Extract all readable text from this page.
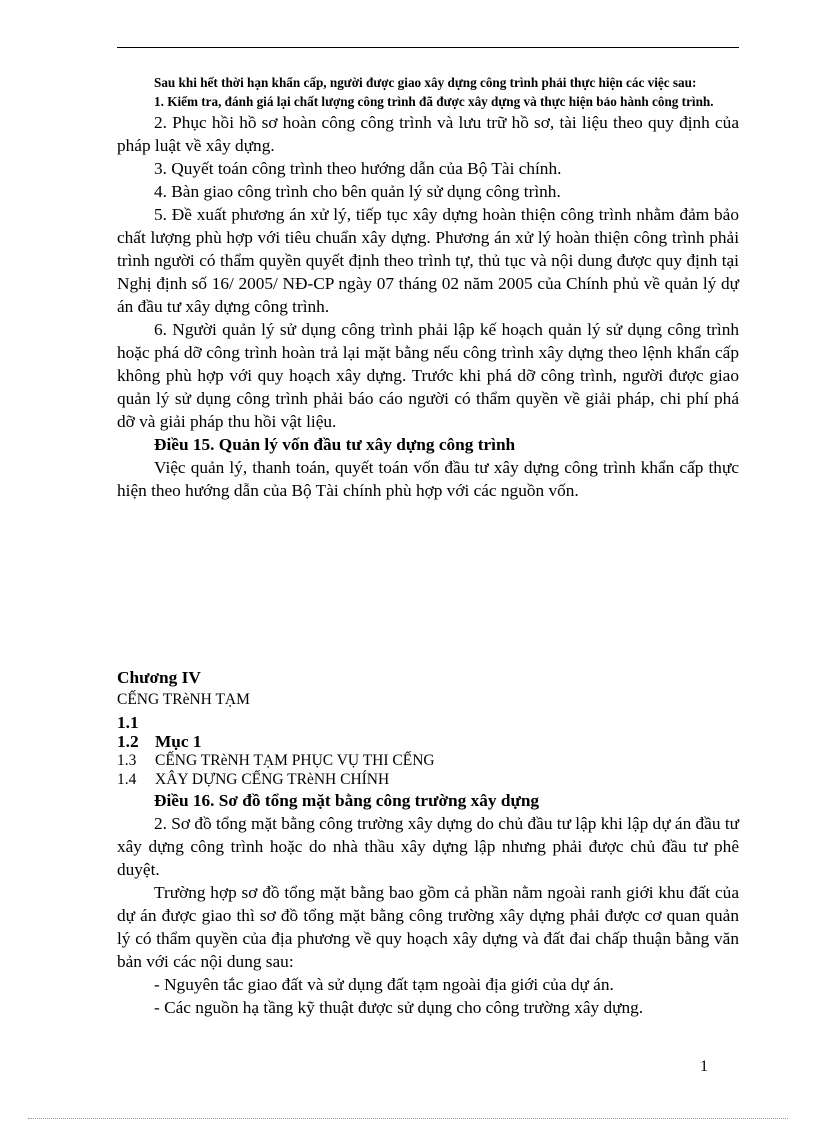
Sau khi hết thời hạn khẩn cấp, người được giao xây dựng công trình phải thực hiện các việc sau:

1. Kiểm tra, đánh giá lại chất lượng công trình đã được xây dựng và thực hiện bảo hành công trình.

2. Phục hồi hồ sơ hoàn công công trình và lưu trữ hồ sơ, tài liệu theo quy định của pháp luật về xây dựng.

3. Quyết toán công trình theo hướng dẫn của Bộ Tài chính.

4. Bàn giao công trình cho bên quản lý sử dụng công trình.

5. Đề xuất phương án xử lý, tiếp tục xây dựng hoàn thiện công trình nhằm đảm bảo chất lượng phù hợp với tiêu chuẩn xây dựng. Phương án xử lý hoàn thiện công trình phải trình người có thẩm quyền quyết định theo trình tự, thủ tục và nội dung được quy định tại Nghị định số 16/ 2005/ NĐ-CP ngày 07 tháng 02 năm 2005 của Chính phủ về quản lý dự án đầu tư xây dựng công trình.

6. Người quản lý sử dụng công trình phải lập kế hoạch quản lý sử dụng công trình hoặc phá dỡ công trình hoàn trả lại mặt bằng nếu công trình xây dựng theo lệnh khẩn cấp không phù hợp với quy hoạch xây dựng. Trước khi phá dỡ công trình, người được giao quản lý sử dụng công trình phải báo cáo người có thẩm quyền về giải pháp, chi phí phá dỡ và giải pháp thu hồi vật liệu.

Điều 15. Quản lý vốn đầu tư xây dựng công trình

Việc quản lý, thanh toán, quyết toán vốn đầu tư xây dựng công trình khẩn cấp thực hiện theo hướng dẫn của Bộ Tài chính phù hợp với các nguồn vốn.

Chương IV

CẾNG TRèNH TẠM

1.1

1.2 Mục 1

1.3 CẾNG TRèNH TẠM PHỤC VỤ THI CẾNG

1.4 XÂY DỰNG CẾNG TRèNH CHÍNH

Điều 16. Sơ đồ tổng mặt bằng công trường xây dựng

2. Sơ đồ tổng mặt bằng công trường xây dựng do chủ đầu tư lập khi lập dự án đầu tư xây dựng công trình hoặc do nhà thầu xây dựng lập nhưng phải được chủ đầu tư phê duyệt.

Trường hợp sơ đồ tổng mặt bằng bao gồm cả phần nằm ngoài ranh giới khu đất của dự án được giao thì sơ đồ tổng mặt bằng công trường xây dựng phải được cơ quan quản lý có thẩm quyền của địa phương về quy hoạch xây dựng và đất đai chấp thuận bằng văn bản với các nội dung sau:

- Nguyên tắc giao đất và sử dụng đất tạm ngoài địa giới của dự án.

- Các nguồn hạ tầng kỹ thuật được sử dụng cho công trường xây dựng.

1
